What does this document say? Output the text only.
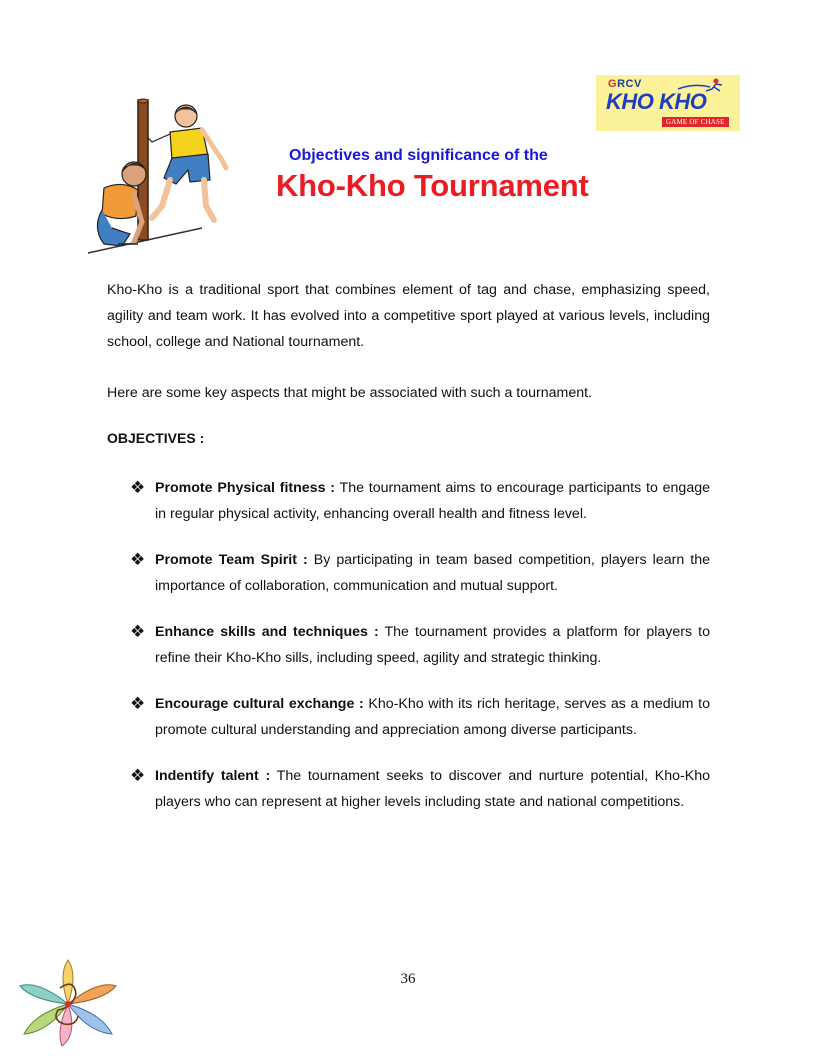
GRCV
KHO KHO
GAME OF CHASE
Objectives and significance of the
Kho-Kho Tournament

Kho-Kho is a traditional sport that combines element of tag and chase, emphasizing speed, agility and team work. It has evolved into a competitive sport played at various levels, including school, college and National tournament.

Here are some key aspects that might be associated with such a tournament.

OBJECTIVES :

❖ Promote Physical fitness : The tournament aims to encourage participants to engage in regular physical activity, enhancing overall health and fitness level.
❖ Promote Team Spirit : By participating in team based competition, players learn the importance of collaboration, communication and mutual support.
❖ Enhance skills and techniques : The tournament provides a platform for players to refine their Kho-Kho sills, including speed, agility and strategic thinking.
❖ Encourage cultural exchange : Kho-Kho with its rich heritage, serves as a medium to promote cultural understanding and appreciation among diverse participants.
❖ Indentify talent : The tournament seeks to discover and nurture potential, Kho-Kho players who can represent at higher levels including state and national competitions.
36
